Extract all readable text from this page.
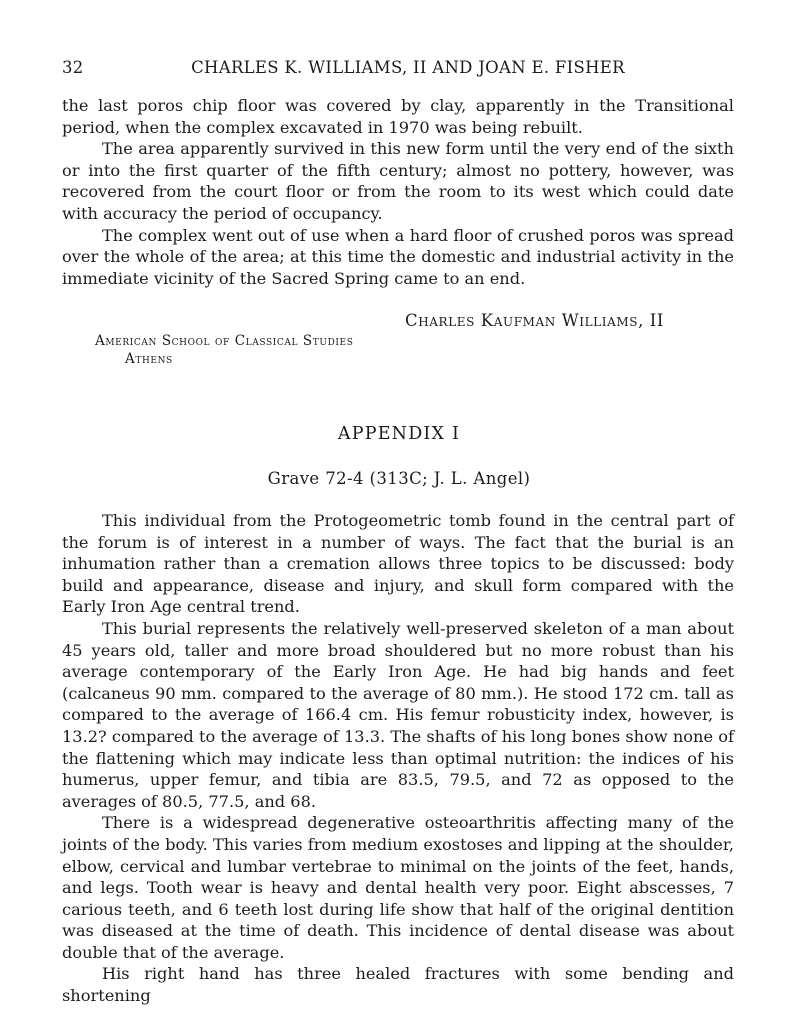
32	CHARLES K. WILLIAMS, II AND JOAN E. FISHER

the last poros chip floor was covered by clay, apparently in the Transitional period, when the complex excavated in 1970 was being rebuilt.

The area apparently survived in this new form until the very end of the sixth or into the first quarter of the fifth century; almost no pottery, however, was recovered from the court floor or from the room to its west which could date with accuracy the period of occupancy.

The complex went out of use when a hard floor of crushed poros was spread over the whole of the area; at this time the domestic and industrial activity in the immediate vicinity of the Sacred Spring came to an end.

Charles Kaufman Williams, II
American School of Classical Studies
Athens
APPENDIX I
Grave 72-4 (313C; J. L. Angel)

This individual from the Protogeometric tomb found in the central part of the forum is of interest in a number of ways. The fact that the burial is an inhumation rather than a cremation allows three topics to be discussed: body build and appearance, disease and injury, and skull form compared with the Early Iron Age central trend.

This burial represents the relatively well-preserved skeleton of a man about 45 years old, taller and more broad shouldered but no more robust than his average contemporary of the Early Iron Age. He had big hands and feet (calcaneus 90 mm. compared to the average of 80 mm.). He stood 172 cm. tall as compared to the average of 166.4 cm. His femur robusticity index, however, is 13.2? compared to the average of 13.3. The shafts of his long bones show none of the flattening which may indicate less than optimal nutrition: the indices of his humerus, upper femur, and tibia are 83.5, 79.5, and 72 as opposed to the averages of 80.5, 77.5, and 68.

There is a widespread degenerative osteoarthritis affecting many of the joints of the body. This varies from medium exostoses and lipping at the shoulder, elbow, cervical and lumbar vertebrae to minimal on the joints of the feet, hands, and legs. Tooth wear is heavy and dental health very poor. Eight abscesses, 7 carious teeth, and 6 teeth lost during life show that half of the original dentition was diseased at the time of death. This incidence of dental disease was about double that of the average.

His right hand has three healed fractures with some bending and shortening
